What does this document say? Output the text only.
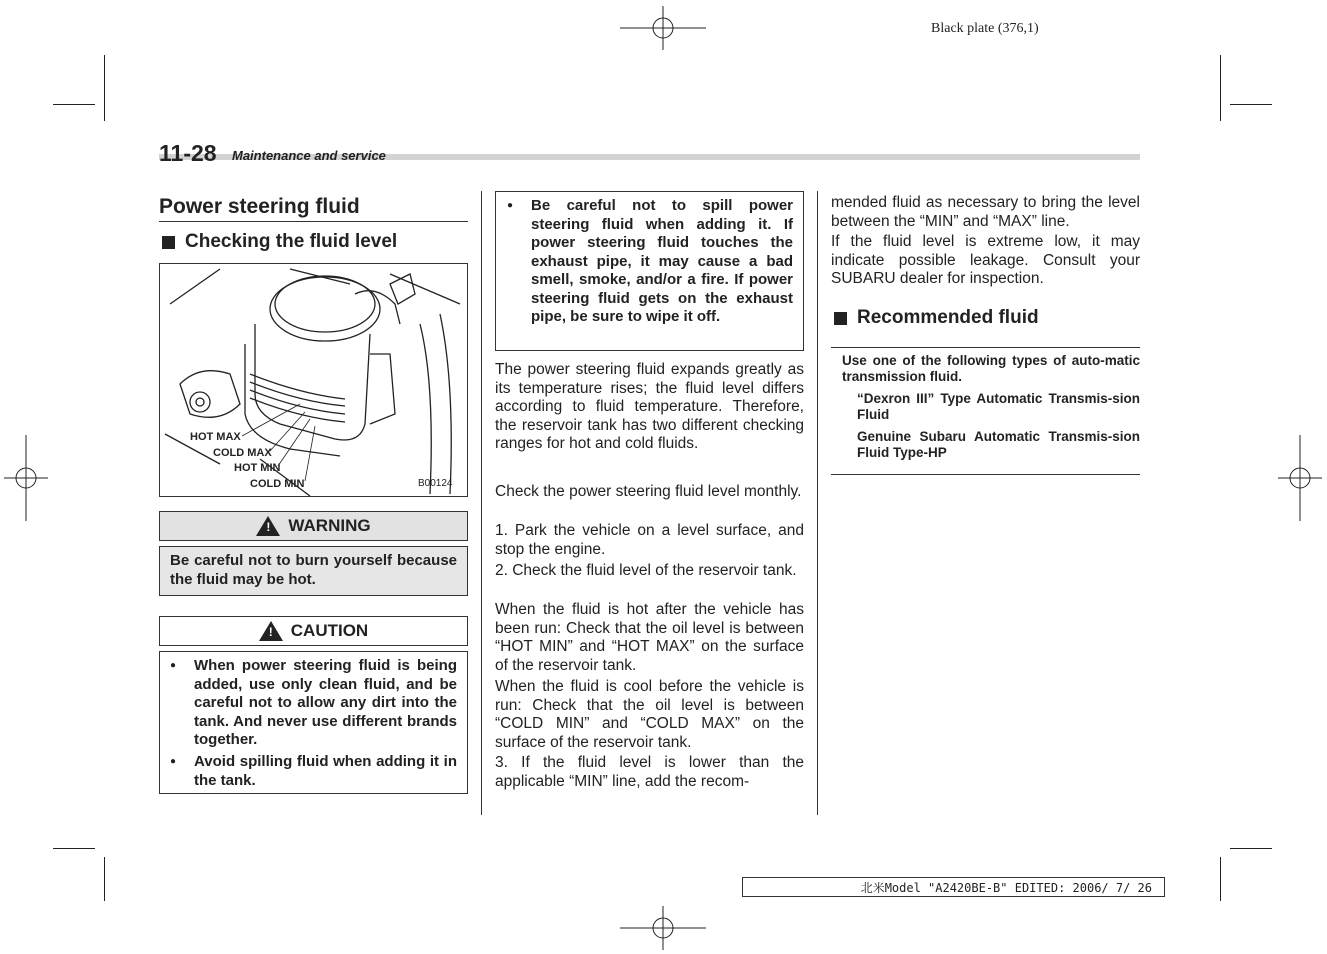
Black plate (376,1)
11-28 Maintenance and service
Power steering fluid
Checking the fluid level
HOT MAX
COLD MAX
HOT MIN
COLD MIN	B00124
!
WARNING
Be careful not to burn yourself because the fluid may be hot.
!
CAUTION
● When power steering fluid is being added, use only clean fluid, and be careful not to allow any dirt into the tank. And never use different brands together.
● Avoid spilling fluid when adding it in the tank.
● Be careful not to spill power steering fluid when adding it. If power steering fluid touches the exhaust pipe, it may cause a bad smell, smoke, and/or a fire. If power steering fluid gets on the exhaust pipe, be sure to wipe it off.
The power steering fluid expands greatly as its temperature rises; the fluid level differs according to fluid temperature. Therefore, the reservoir tank has two different checking ranges for hot and cold fluids.
Check the power steering fluid level monthly.
1. Park the vehicle on a level surface, and stop the engine.
2. Check the fluid level of the reservoir tank.
When the fluid is hot after the vehicle has been run: Check that the oil level is between “HOT MIN” and “HOT MAX” on the surface of the reservoir tank.
When the fluid is cool before the vehicle is run: Check that the oil level is between “COLD MIN” and “COLD MAX” on the surface of the reservoir tank.
3. If the fluid level is lower than the applicable “MIN” line, add the recom-
mended fluid as necessary to bring the level between the “MIN” and “MAX” line.
If the fluid level is extreme low, it may indicate possible leakage. Consult your SUBARU dealer for inspection.
Recommended fluid
Use one of the following types of auto-matic transmission fluid.
“Dexron III” Type Automatic Transmis-sion Fluid
Genuine Subaru Automatic Transmis-sion Fluid Type-HP
北米Model "A2420BE-B" EDITED: 2006/ 7/ 26
